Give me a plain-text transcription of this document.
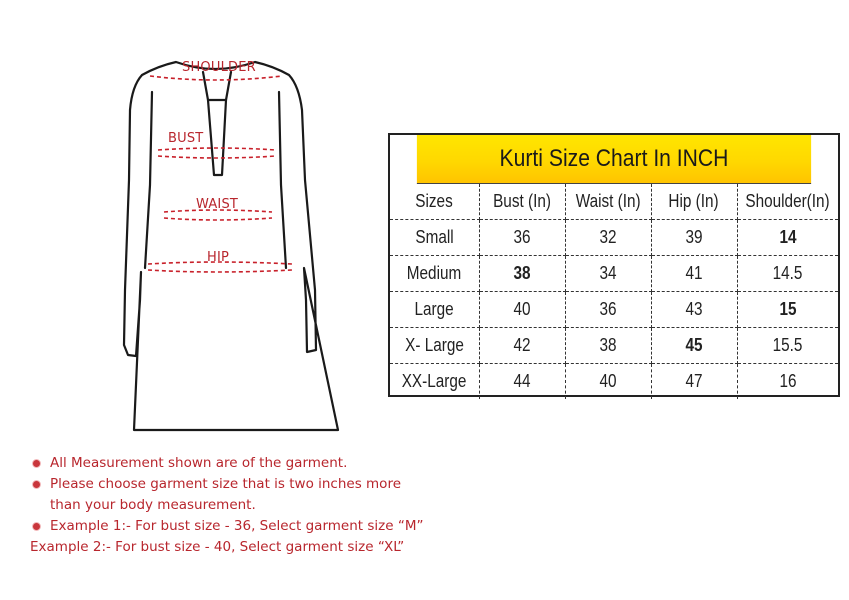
SHOULDER
BUST
WAIST
HIP
Kurti Size Chart In INCH
Sizes	Bust (In)	Waist (In)	Hip (In)	Shoulder(In)
Small	36	32	39	14
Medium	38	34	41	14.5
Large	40	36	43	15
X- Large	42	38	45	15.5
XX-Large	44	40	47	16
All Measurement shown are of the garment.
Please choose garment size that is two inches more
than your body measurement.
Example 1:- For bust size - 36, Select garment size “M”
Example 2:- For bust size - 40, Select garment size “XL”
